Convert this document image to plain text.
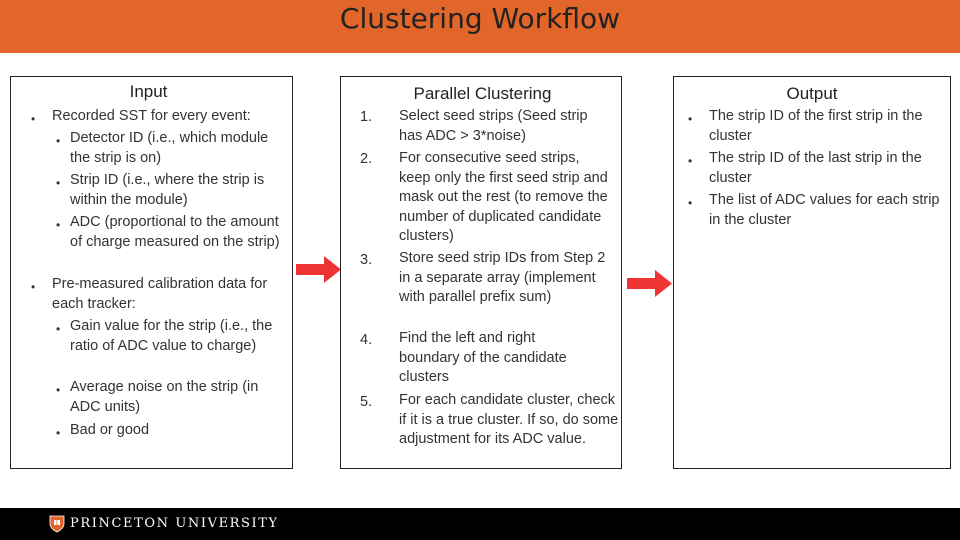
Clustering Workflow
Input
• Recorded SST for every event:
• Detector ID (i.e., which module the strip is on)
• Strip ID (i.e., where the strip is within the module)
• ADC (proportional to the amount of charge measured on the strip)
• Pre-measured calibration data for each tracker:
• Gain value for the strip (i.e., the ratio of ADC value to charge)
• Average noise on the strip (in ADC units)
• Bad or good
Parallel Clustering
1. Select seed strips (Seed strip has ADC > 3*noise)
2. For consecutive seed strips, keep only the first seed strip and mask out the rest (to remove the number of duplicated candidate clusters)
3. Store seed strip IDs from Step 2 in a separate array (implement with parallel prefix sum)
4. Find the left and right boundary of the candidate clusters
5. For each candidate cluster, check if it is a true cluster. If so, do some adjustment for its ADC value.
Output
• The strip ID of the first strip in the cluster
• The strip ID of the last strip in the cluster
• The list of ADC values for each strip in the cluster
PRINCETON UNIVERSITY
